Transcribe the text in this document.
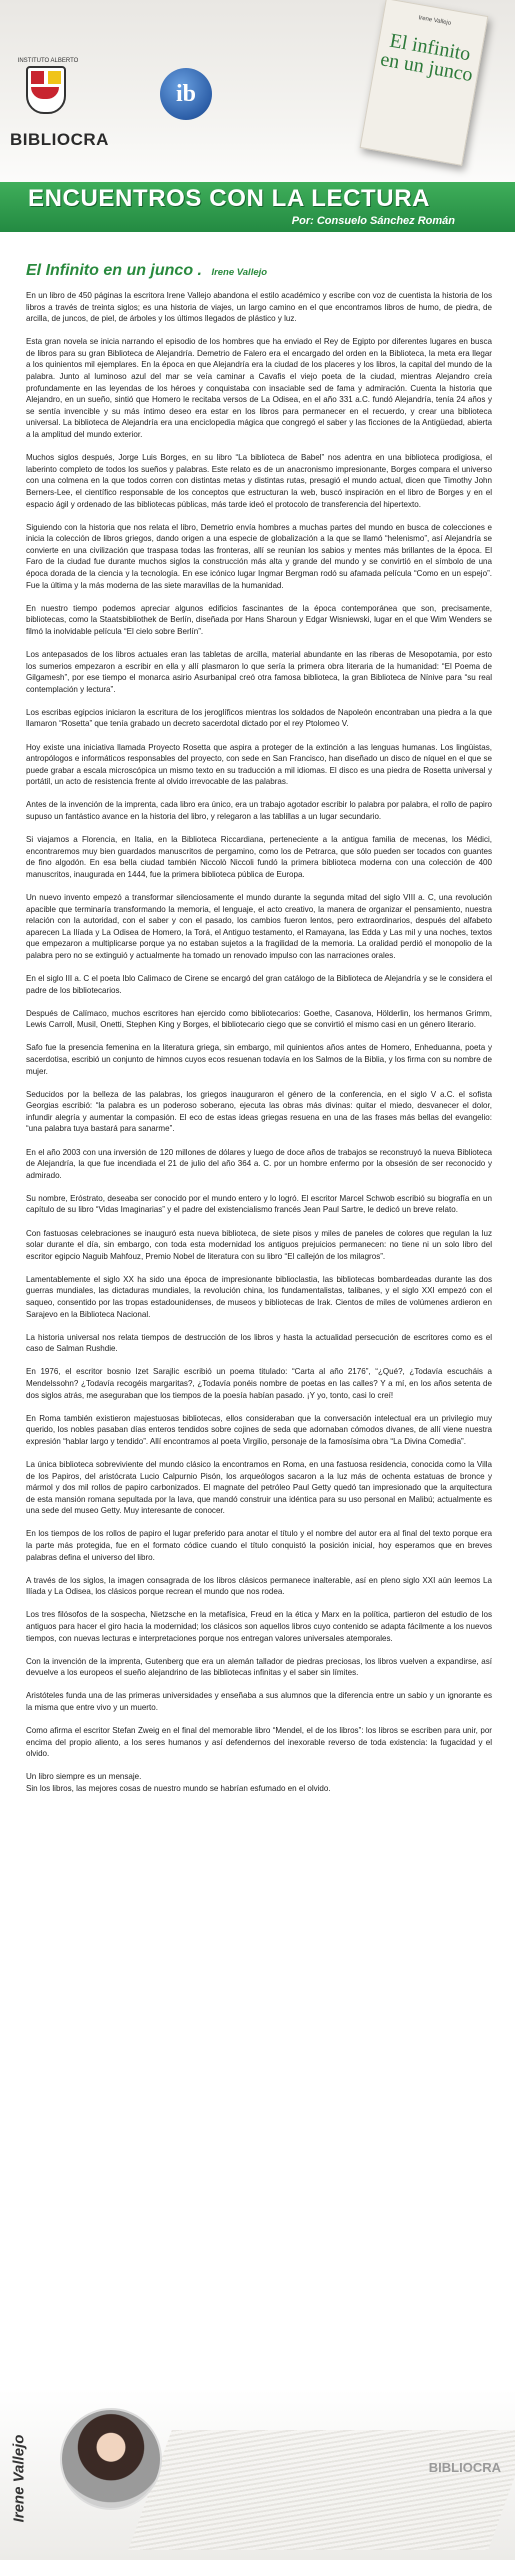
INSTITUTO ALBERTO
BIBLIOCRA
ib
Irene Vallejo
El infinito en un junco
ENCUENTROS CON LA LECTURA
Por: Consuelo Sánchez Román
El Infinito en un junco . Irene Vallejo

En un libro de 450 páginas la escritora Irene Vallejo abandona el estilo académico y escribe con voz de cuentista la historia de los libros a través de treinta siglos; es una historia de viajes, un largo camino en el que encontramos libros de humo, de piedra, de arcilla, de juncos, de piel, de árboles y los últimos llegados de plástico y luz.

Esta gran novela se inicia narrando el episodio de los hombres que ha enviado el Rey de Egipto por diferentes lugares en busca de libros para su gran Biblioteca de Alejandría. Demetrio de Falero era el encargado del orden en la Biblioteca, la meta era llegar a los quinientos mil ejemplares. En la época en que Alejandría era la ciudad de los placeres y los libros, la capital del mundo de la palabra. Junto al luminoso azul del mar se veía caminar a Cavafis el viejo poeta de la ciudad, mientras Alejandro creía profundamente en las leyendas de los héroes y conquistaba con insaciable sed de fama y admiración. Cuenta la historia que Alejandro, en un sueño, sintió que Homero le recitaba versos de La Odisea, en el año 331 a.C. fundó Alejandría, tenía 24 años y se sentía invencible y su más íntimo deseo era estar en los libros para permanecer en el recuerdo, y crear una biblioteca universal. La biblioteca de Alejandría era una enciclopedia mágica que congregó el saber y las ficciones de la Antigüedad, abierta a la amplitud del mundo exterior.

Muchos siglos después, Jorge Luis Borges, en su libro “La biblioteca de Babel” nos adentra en una biblioteca prodigiosa, el laberinto completo de todos los sueños y palabras. Este relato es de un anacronismo impresionante, Borges compara el universo con una colmena en la que todos corren con distintas metas y distintas rutas, presagió el mundo actual, dicen que Timothy John Berners-Lee, el científico responsable de los conceptos que estructuran la web, buscó inspiración en el libro de Borges y en el espacio ágil y ordenado de las bibliotecas públicas, más tarde ideó el protocolo de transferencia del hipertexto.

Siguiendo con la historia que nos relata el libro, Demetrio envía hombres a muchas partes del mundo en busca de colecciones e inicia la colección de libros griegos, dando origen a una especie de globalización a la que se llamó “helenismo”, así Alejandría se convierte en una civilización que traspasa todas las fronteras, allí se reunían los sabios y mentes más brillantes de la época. El Faro de la ciudad fue durante muchos siglos la construcción más alta y grande del mundo y se convirtió en el símbolo de una época dorada de la ciencia y la tecnología. En ese icónico lugar Ingmar Bergman rodó su afamada película “Como en un espejo”. Fue la última y la más moderna de las siete maravillas de la humanidad.

En nuestro tiempo podemos apreciar algunos edificios fascinantes de la época contemporánea que son, precisamente, bibliotecas, como la Staatsbibliothek de Berlín, diseñada por Hans Sharoun y Edgar Wisniewski, lugar en el que Wim Wenders se filmó la inolvidable película “El cielo sobre Berlín”.

Los antepasados de los libros actuales eran las tabletas de arcilla, material abundante en las riberas de Mesopotamia, por esto los sumerios empezaron a escribir en ella y allí plasmaron lo que sería la primera obra literaria de la humanidad: “El Poema de Gilgamesh”, por ese tiempo el monarca asirio Asurbanipal creó otra famosa biblioteca, la gran Biblioteca de Nínive para “su real contemplación y lectura”.

Los escribas egipcios iniciaron la escritura de los jeroglíficos mientras los soldados de Napoleón encontraban una piedra a la que llamaron “Rosetta” que tenía grabado un decreto sacerdotal dictado por el rey Ptolomeo V.

Hoy existe una iniciativa llamada Proyecto Rosetta que aspira a proteger de la extinción a las lenguas humanas. Los lingüistas, antropólogos e informáticos responsables del proyecto, con sede en San Francisco, han diseñado un disco de níquel en el que se puede grabar a escala microscópica un mismo texto en su traducción a mil idiomas. El disco es una piedra de Rosetta universal y portátil, un acto de resistencia frente al olvido irrevocable de las palabras.

Antes de la invención de la imprenta, cada libro era único, era un trabajo agotador escribir lo palabra por palabra, el rollo de papiro supuso un fantástico avance en la historia del libro, y relegaron a las tablillas a un lugar secundario.

Si viajamos a Florencia, en Italia, en la Biblioteca Riccardiana, perteneciente a la antigua familia de mecenas, los Médici, encontraremos muy bien guardados manuscritos de pergamino, como los de Petrarca, que sólo pueden ser tocados con guantes de fino algodón. En esa bella ciudad también Niccolò Niccoli fundó la primera biblioteca moderna con una colección de 400 manuscritos, inaugurada en 1444, fue la primera biblioteca pública de Europa.

Un nuevo invento empezó a transformar silenciosamente el mundo durante la segunda mitad del siglo VIII a. C, una revolución apacible que terminaría transformando la memoria, el lenguaje, el acto creativo, la manera de organizar el pensamiento, nuestra relación con la autoridad, con el saber y con el pasado, los cambios fueron lentos, pero extraordinarios, después del alfabeto aparecen La Ilíada y La Odisea de Homero, la Torá, el Antiguo testamento, el Ramayana, las Edda y Las mil y una noches, textos que empezaron a multiplicarse porque ya no estaban sujetos a la fragilidad de la memoria. La oralidad perdió el monopolio de la palabra pero no se extinguió y actualmente ha tomado un renovado impulso con las narraciones orales.

En el siglo III a. C el poeta Iblo Calimaco de Cirene se encargó del gran catálogo de la Biblioteca de Alejandría y se le considera el padre de los bibliotecarios.

Después de Calímaco, muchos escritores han ejercido como bibliotecarios: Goethe, Casanova, Hölderlin, los hermanos Grimm, Lewis Carroll, Musil, Onetti, Stephen King y Borges, el bibliotecario ciego que se convirtió el mismo casi en un género literario.

Safo fue la presencia femenina en la literatura griega, sin embargo, mil quinientos años antes de Homero, Enheduanna, poeta y sacerdotisa, escribió un conjunto de himnos cuyos ecos resuenan todavía en los Salmos de la Biblia, y los firma con su nombre de mujer.

Seducidos por la belleza de las palabras, los griegos inauguraron el género de la conferencia, en el siglo V a.C. el sofista Georgias escribió: “la palabra es un poderoso soberano, ejecuta las obras más divinas: quitar el miedo, desvanecer el dolor, infundir alegría y aumentar la compasión. El eco de estas ideas griegas resuena en una de las frases más bellas del evangelio: “una palabra tuya bastará para sanarme”.

En el año 2003 con una inversión de 120 millones de dólares y luego de doce años de trabajos se reconstruyó la nueva Biblioteca de Alejandría, la que fue incendiada el 21 de julio del año 364 a. C. por un hombre enfermo por la obsesión de ser reconocido y admirado.

Su nombre, Eróstrato, deseaba ser conocido por el mundo entero y lo logró. El escritor Marcel Schwob escribió su biografía en un capítulo de su libro “Vidas Imaginarias” y el padre del existencialismo francés Jean Paul Sartre, le dedicó un breve relato.

Con fastuosas celebraciones se inauguró esta nueva biblioteca, de siete pisos y miles de paneles de colores que regulan la luz solar durante el día, sin embargo, con toda esta modernidad los antiguos prejuicios permanecen: no tiene ni un solo libro del escritor egipcio Naguib Mahfouz, Premio Nobel de literatura con su libro “El callejón de los milagros”.

Lamentablemente el siglo XX ha sido una época de impresionante biblioclastia, las bibliotecas bombardeadas durante las dos guerras mundiales, las dictaduras mundiales, la revolución china, los fundamentalistas, talibanes, y el siglo XXI empezó con el saqueo, consentido por las tropas estadounidenses, de museos y bibliotecas de Irak. Cientos de miles de volúmenes ardieron en Sarajevo en la Biblioteca Nacional.

La historia universal nos relata tiempos de destrucción de los libros y hasta la actualidad persecución de escritores como es el caso de Salman Rushdie.

En 1976, el escritor bosnio Izet Sarajlic escribió un poema titulado: “Carta al año 2176”, “¿Qué?, ¿Todavía escucháis a Mendelssohn? ¿Todavía recogéis margaritas?, ¿Todavía ponéis nombre de poetas en las calles? Y a mí, en los años setenta de dos siglos atrás, me aseguraban que los tiempos de la poesía habían pasado. ¡Y yo, tonto, casi lo creí!

En Roma también existieron majestuosas bibliotecas, ellos consideraban que la conversación intelectual era un privilegio muy querido, los nobles pasaban días enteros tendidos sobre cojines de seda que adornaban cómodos divanes, de allí viene nuestra expresión “hablar largo y tendido”. Allí encontramos al poeta Virgilio, personaje de la famosísima obra “La Divina Comedia”.

La única biblioteca sobreviviente del mundo clásico la encontramos en Roma, en una fastuosa residencia, conocida como la Villa de los Papiros, del aristócrata Lucio Calpurnio Pisón, los arqueólogos sacaron a la luz más de ochenta estatuas de bronce y mármol y dos mil rollos de papiro carbonizados. El magnate del petróleo Paul Getty quedó tan impresionado que la arquitectura de esta mansión romana sepultada por la lava, que mandó construir una idéntica para su uso personal en Malibú; actualmente es una sede del museo Getty. Muy interesante de conocer.

En los tiempos de los rollos de papiro el lugar preferido para anotar el título y el nombre del autor era al final del texto porque era la parte más protegida, fue en el formato códice cuando el título conquistó la posición inicial, hoy esperamos que en breves palabras defina el universo del libro.

A través de los siglos, la imagen consagrada de los libros clásicos permanece inalterable, así en pleno siglo XXI aún leemos La Ilíada y La Odisea, los clásicos porque recrean el mundo que nos rodea.

Los tres filósofos de la sospecha, Nietzsche en la metafísica, Freud en la ética y Marx en la política, partieron del estudio de los antiguos para hacer el giro hacia la modernidad; los clásicos son aquellos libros cuyo contenido se adapta fácilmente a los nuevos tiempos, con nuevas lecturas e interpretaciones porque nos entregan valores universales atemporales.

Con la invención de la imprenta, Gutenberg que era un alemán tallador de piedras preciosas, los libros vuelven a expandirse, así devuelve a los europeos el sueño alejandrino de las bibliotecas infinitas y el saber sin límites.

Aristóteles funda una de las primeras universidades y enseñaba a sus alumnos que la diferencia entre un sabio y un ignorante es la misma que entre vivo y un muerto.

Como afirma el escritor Stefan Zweig en el final del memorable libro “Mendel, el de los libros”: los libros se escriben para unir, por encima del propio aliento, a los seres humanos y así defendernos del inexorable reverso de toda existencia: la fugacidad y el olvido.

Un libro siempre es un mensaje.
Sin los libros, las mejores cosas de nuestro mundo se habrían esfumado en el olvido.

Irene Vallejo	BIBLIOCRA
